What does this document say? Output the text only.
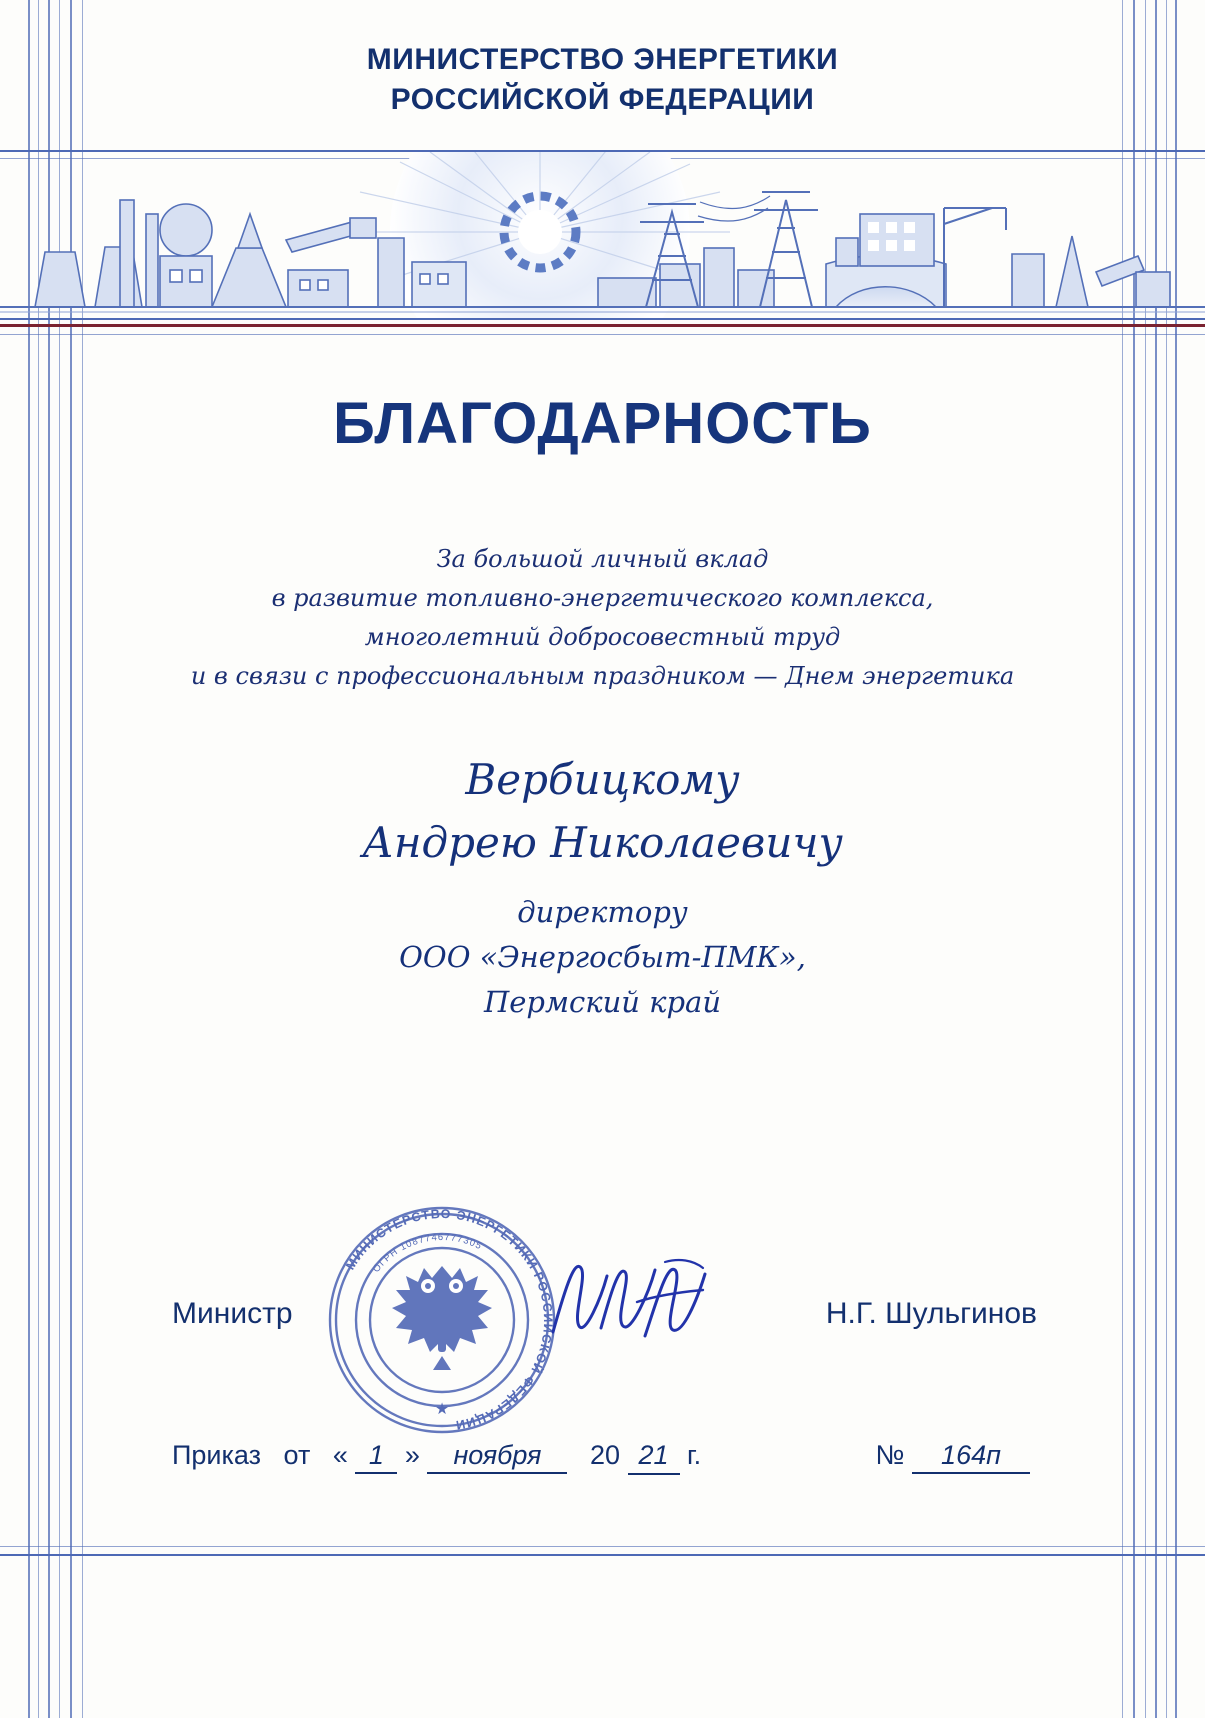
МИНИСТЕРСТВО ЭНЕРГЕТИКИ
РОССИЙСКОЙ ФЕДЕРАЦИИ
БЛАГОДАРНОСТЬ
За большой личный вклад
в развитие топливно-энергетического комплекса,
многолетний добросовестный труд
и в связи с профессиональным праздником — Днем энергетика
Вербицкому
Андрею Николаевичу
директору
ООО «Энергосбыт-ПМК»,
Пермский край
Министр
МИНИСТЕРСТВО ЭНЕРГЕТИКИ РОССИЙСКОЙ ФЕДЕРАЦИИ
ОГРН 1087746777305
★
Н.Г. Шульгинов
Приказ от « 1 » ноября 20 21 г.	№ 164п
